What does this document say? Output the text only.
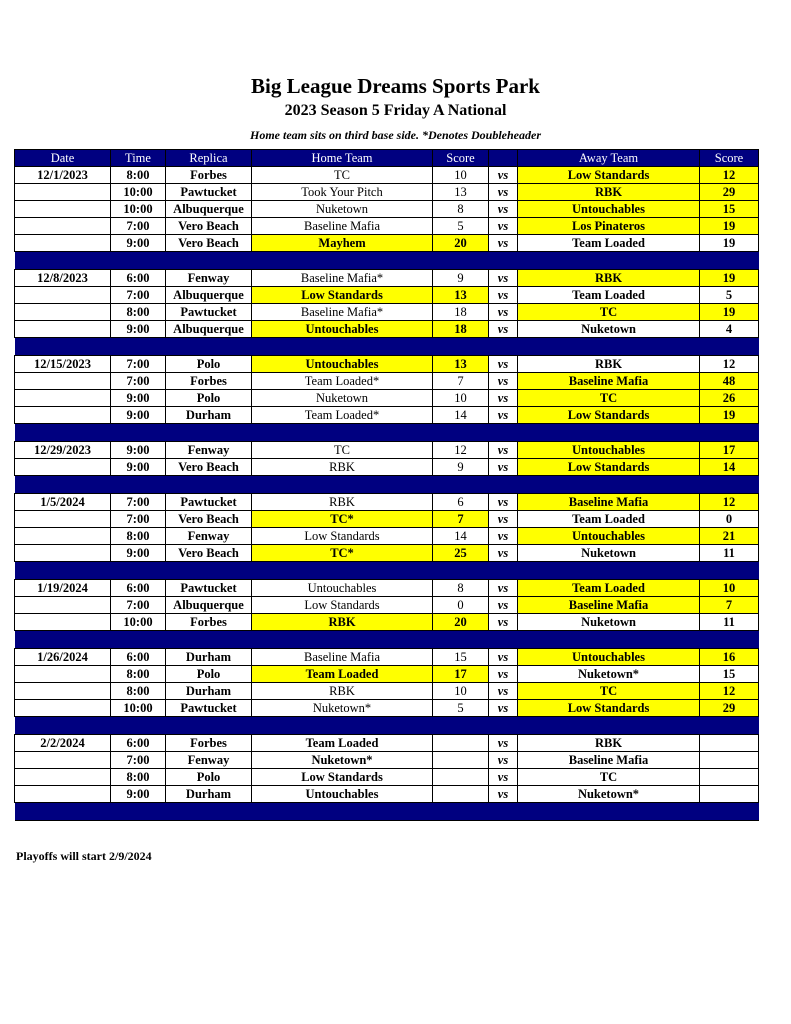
Big League Dreams Sports Park
2023 Season 5 Friday A National
Home team sits on third base side. *Denotes Doubleheader
Date	Time	Replica	Home Team	Score		Away Team	Score
12/1/2023	8:00	Forbes	TC	10	vs	Low Standards	12
	10:00	Pawtucket	Took Your Pitch	13	vs	RBK	29
	10:00	Albuquerque	Nuketown	8	vs	Untouchables	15
	7:00	Vero Beach	Baseline Mafia	5	vs	Los Pinateros	19
	9:00	Vero Beach	Mayhem	20	vs	Team Loaded	19

12/8/2023	6:00	Fenway	Baseline Mafia*	9	vs	RBK	19
	7:00	Albuquerque	Low Standards	13	vs	Team Loaded	5
	8:00	Pawtucket	Baseline Mafia*	18	vs	TC	19
	9:00	Albuquerque	Untouchables	18	vs	Nuketown	4

12/15/2023	7:00	Polo	Untouchables	13	vs	RBK	12
	7:00	Forbes	Team Loaded*	7	vs	Baseline Mafia	48
	9:00	Polo	Nuketown	10	vs	TC	26
	9:00	Durham	Team Loaded*	14	vs	Low Standards	19

12/29/2023	9:00	Fenway	TC	12	vs	Untouchables	17
	9:00	Vero Beach	RBK	9	vs	Low Standards	14

1/5/2024	7:00	Pawtucket	RBK	6	vs	Baseline Mafia	12
	7:00	Vero Beach	TC*	7	vs	Team Loaded	0
	8:00	Fenway	Low Standards	14	vs	Untouchables	21
	9:00	Vero Beach	TC*	25	vs	Nuketown	11

1/19/2024	6:00	Pawtucket	Untouchables	8	vs	Team Loaded	10
	7:00	Albuquerque	Low Standards	0	vs	Baseline Mafia	7
	10:00	Forbes	RBK	20	vs	Nuketown	11

1/26/2024	6:00	Durham	Baseline Mafia	15	vs	Untouchables	16
	8:00	Polo	Team Loaded	17	vs	Nuketown*	15
	8:00	Durham	RBK	10	vs	TC	12
	10:00	Pawtucket	Nuketown*	5	vs	Low Standards	29

2/2/2024	6:00	Forbes	Team Loaded		vs	RBK	
	7:00	Fenway	Nuketown*		vs	Baseline Mafia	
	8:00	Polo	Low Standards		vs	TC	
	9:00	Durham	Untouchables		vs	Nuketown*	

Playoffs will start 2/9/2024
